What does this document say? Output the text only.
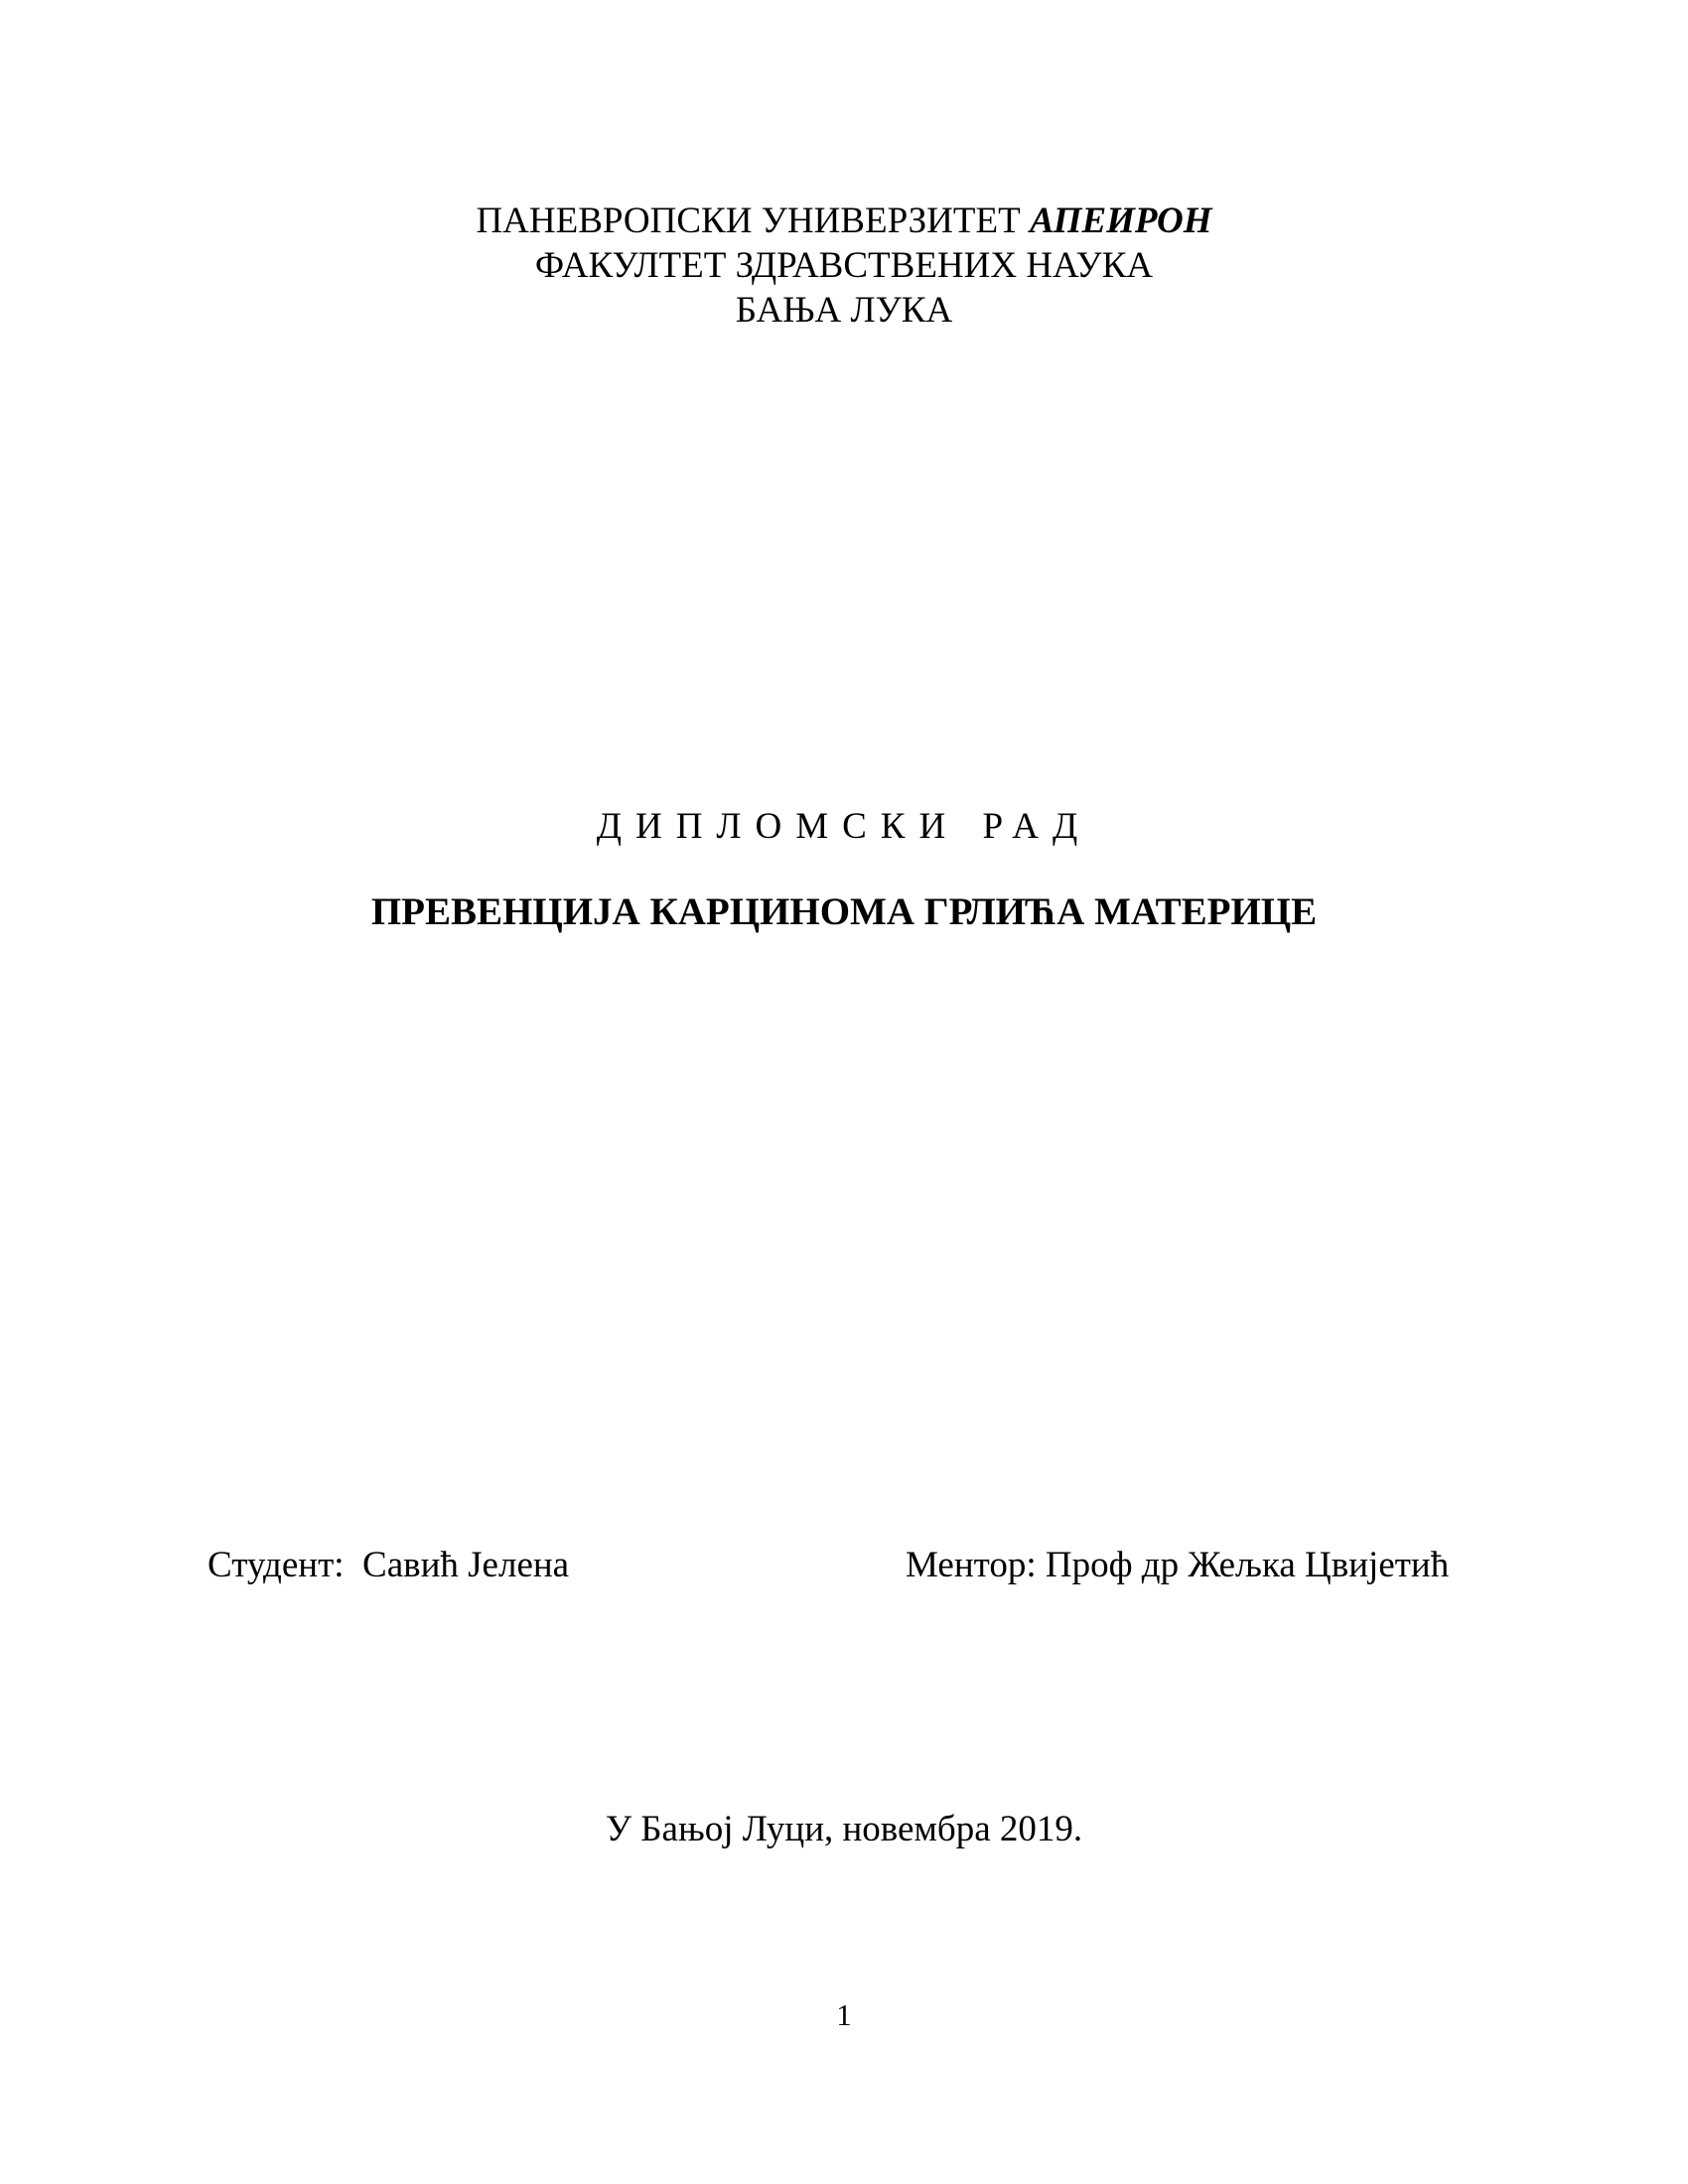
ПАНЕВРОПСКИ УНИВЕРЗИТЕТ АПЕИРОН
ФАКУЛТЕТ ЗДРАВСТВЕНИХ НАУКА
БАЊА ЛУКА
ДИПЛОМСКИ РАД
ПРЕВЕНЦИЈА КАРЦИНОМА ГРЛИЋА МАТЕРИЦЕ
Студент:  Савић Јелена	Ментор: Проф др Жељка Цвијетић
У Бањој Луци, новембра 2019.
1
